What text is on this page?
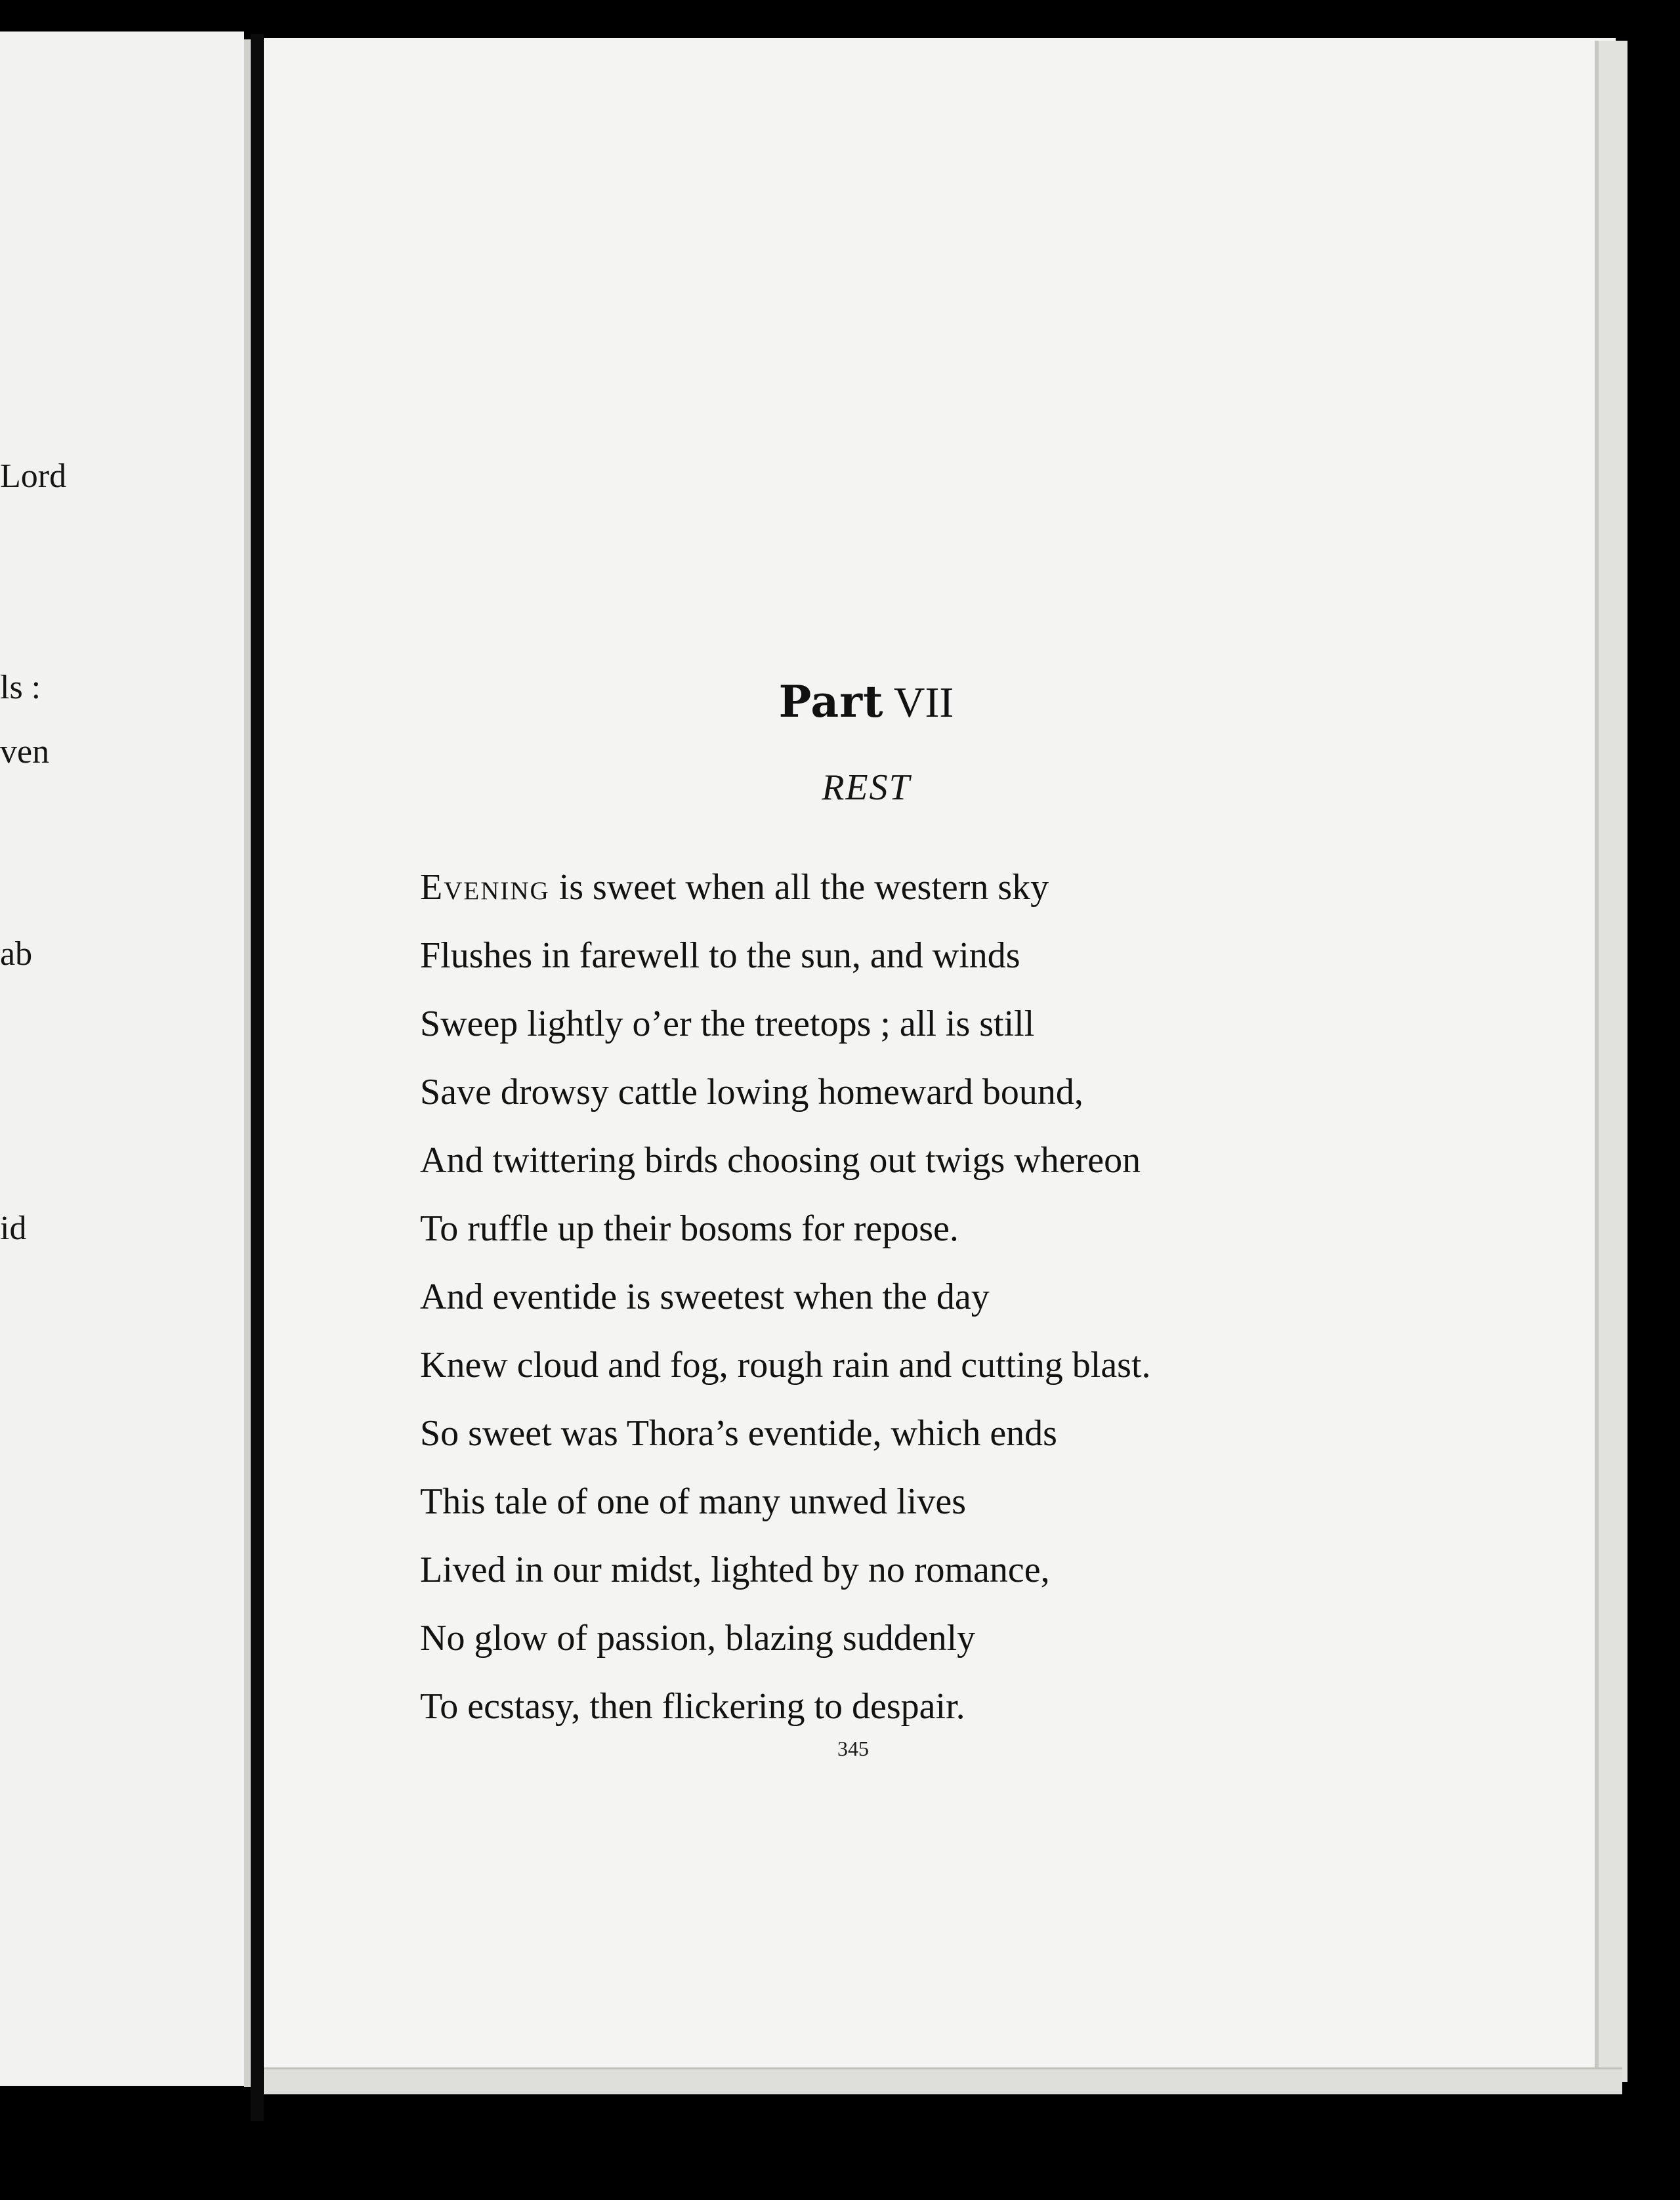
Lord
ls :
ven
ab
id
Part VII
REST
Evening is sweet when all the western sky
Flushes in farewell to the sun, and winds
Sweep lightly o’er the treetops ; all is still
Save drowsy cattle lowing homeward bound,
And twittering birds choosing out twigs whereon
To ruffle up their bosoms for repose.
And eventide is sweetest when the day
Knew cloud and fog, rough rain and cutting blast.
So sweet was Thora’s eventide, which ends
This tale of one of many unwed lives
Lived in our midst, lighted by no romance,
No glow of passion, blazing suddenly
To ecstasy, then flickering to despair.
345
